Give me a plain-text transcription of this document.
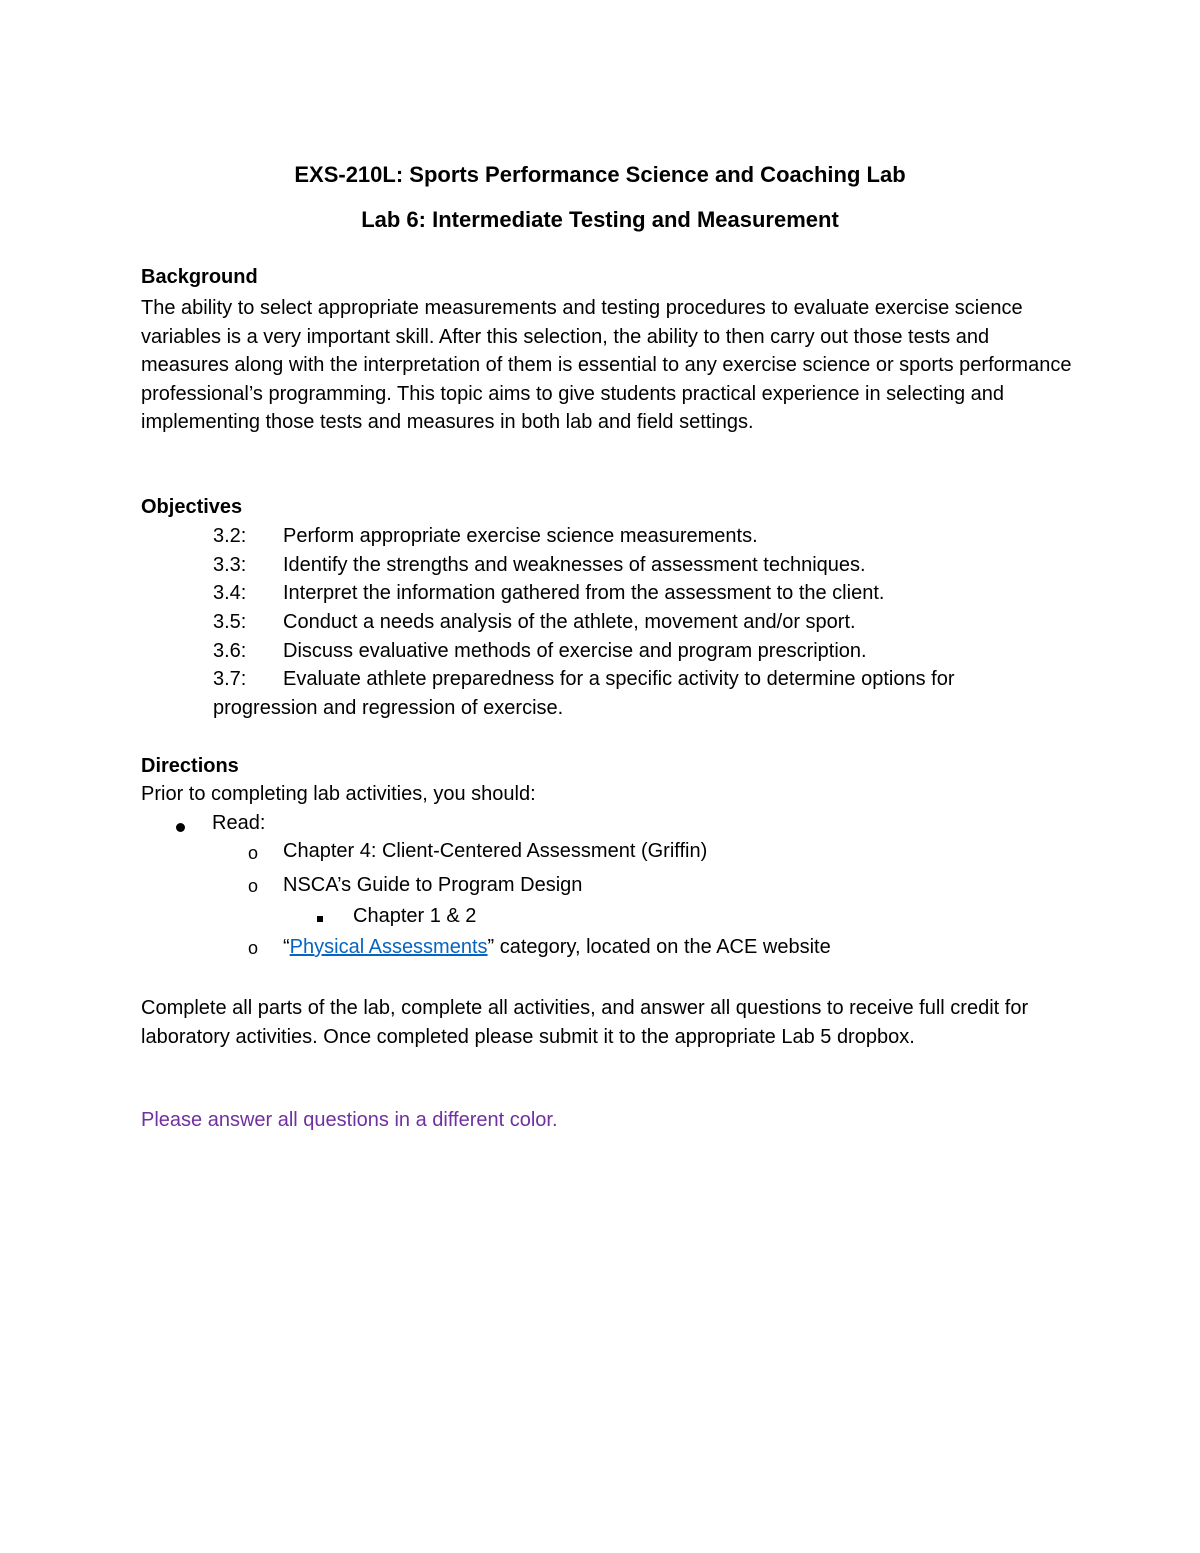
EXS-210L: Sports Performance Science and Coaching Lab
Lab 6: Intermediate Testing and Measurement
Background
The ability to select appropriate measurements and testing procedures to evaluate exercise science variables is a very important skill. After this selection, the ability to then carry out those tests and measures along with the interpretation of them is essential to any exercise science or sports performance professional’s programming. This topic aims to give students practical experience in selecting and implementing those tests and measures in both lab and field settings.
Objectives
3.2: Perform appropriate exercise science measurements.
3.3: Identify the strengths and weaknesses of assessment techniques.
3.4: Interpret the information gathered from the assessment to the client.
3.5: Conduct a needs analysis of the athlete, movement and/or sport.
3.6: Discuss evaluative methods of exercise and program prescription.
3.7: Evaluate athlete preparedness for a specific activity to determine options for
progression and regression of exercise.
Directions
Prior to completing lab activities, you should:
Read:
o Chapter 4: Client-Centered Assessment (Griffin)
o NSCA’s Guide to Program Design
Chapter 1 & 2
o “Physical Assessments” category, located on the ACE website
Complete all parts of the lab, complete all activities, and answer all questions to receive full credit for laboratory activities. Once completed please submit it to the appropriate Lab 5 dropbox.
Please answer all questions in a different color.
